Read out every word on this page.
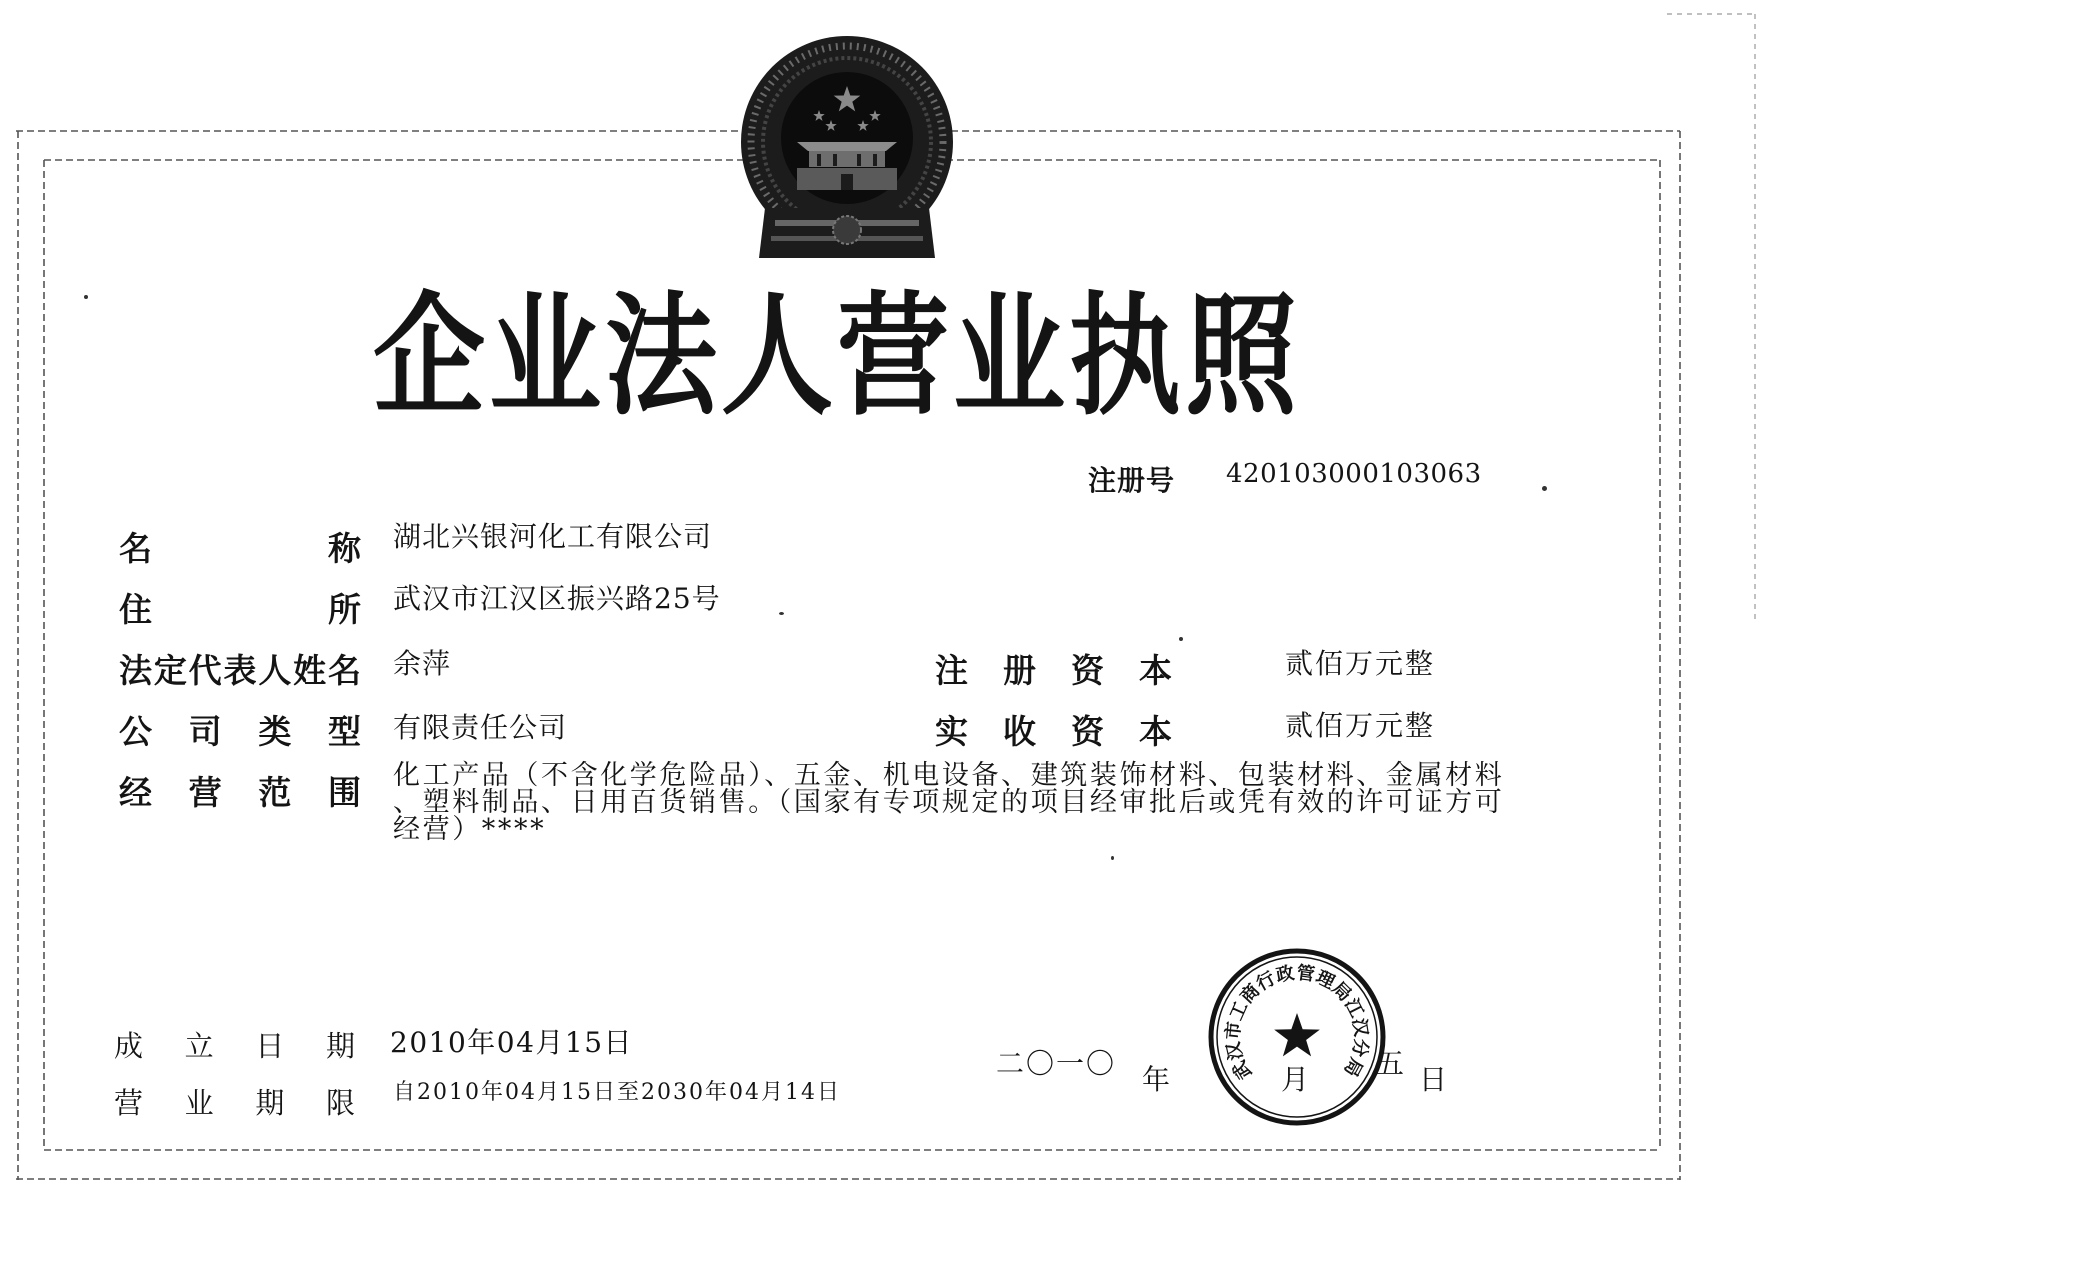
企业法人营业执照
注册号 420103000103063
名称
住所
法定代表人姓名
公司类型
经营范围
湖北兴银河化工有限公司
武汉市江汉区振兴路25号
余萍
有限责任公司
注册资本
实收资本
贰佰万元整
贰佰万元整
化工产品（不含化学危险品）、五金、机电设备、建筑装饰材料、包装材料、金属材料
、塑料制品、日用百货销售。（国家有专项规定的项目经审批后或凭有效的许可证方可
经营）****
成立日期
营业期限
2010年04月15日
自2010年04月15日至2030年04月14日
二〇一〇 年	月 五 日
武汉市工商行政管理局江汉分局
